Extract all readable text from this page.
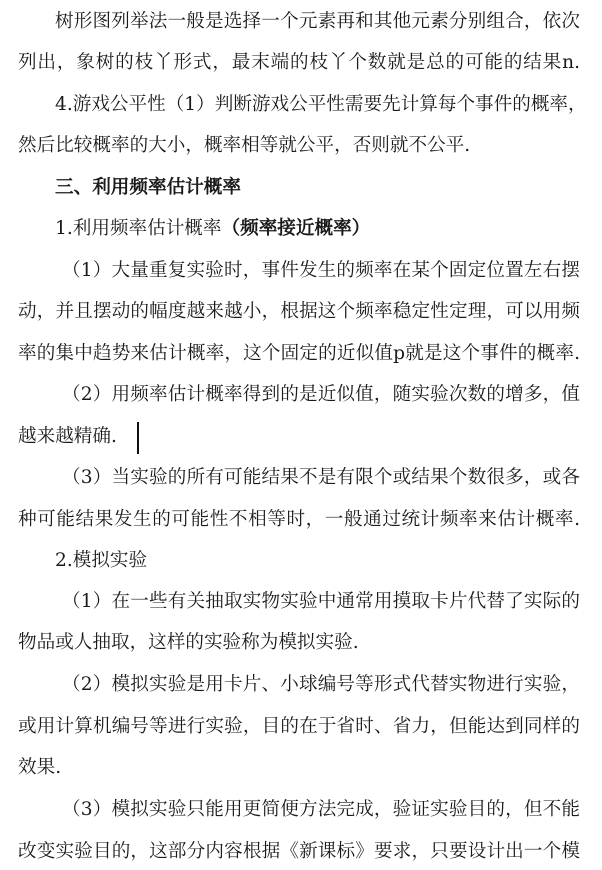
树形图列举法一般是选择一个元素再和其他元素分别组合，依次
列出，象树的枝丫形式，最末端的枝丫个数就是总的可能的结果n.
4.游戏公平性（1）判断游戏公平性需要先计算每个事件的概率，
然后比较概率的大小，概率相等就公平，否则就不公平.
三、利用频率估计概率
1.利用频率估计概率（频率接近概率）
（1）大量重复实验时，事件发生的频率在某个固定位置左右摆
动，并且摆动的幅度越来越小，根据这个频率稳定性定理，可以用频
率的集中趋势来估计概率，这个固定的近似值p就是这个事件的概率.
（2）用频率估计概率得到的是近似值，随实验次数的增多，值
越来越精确.
（3）当实验的所有可能结果不是有限个或结果个数很多，或各
种可能结果发生的可能性不相等时，一般通过统计频率来估计概率.
2.模拟实验
（1）在一些有关抽取实物实验中通常用摸取卡片代替了实际的
物品或人抽取，这样的实验称为模拟实验.
（2）模拟实验是用卡片、小球编号等形式代替实物进行实验，
或用计算机编号等进行实验，目的在于省时、省力，但能达到同样的
效果.
（3）模拟实验只能用更简便方法完成，验证实验目的，但不能
改变实验目的，这部分内容根据《新课标》要求，只要设计出一个模
